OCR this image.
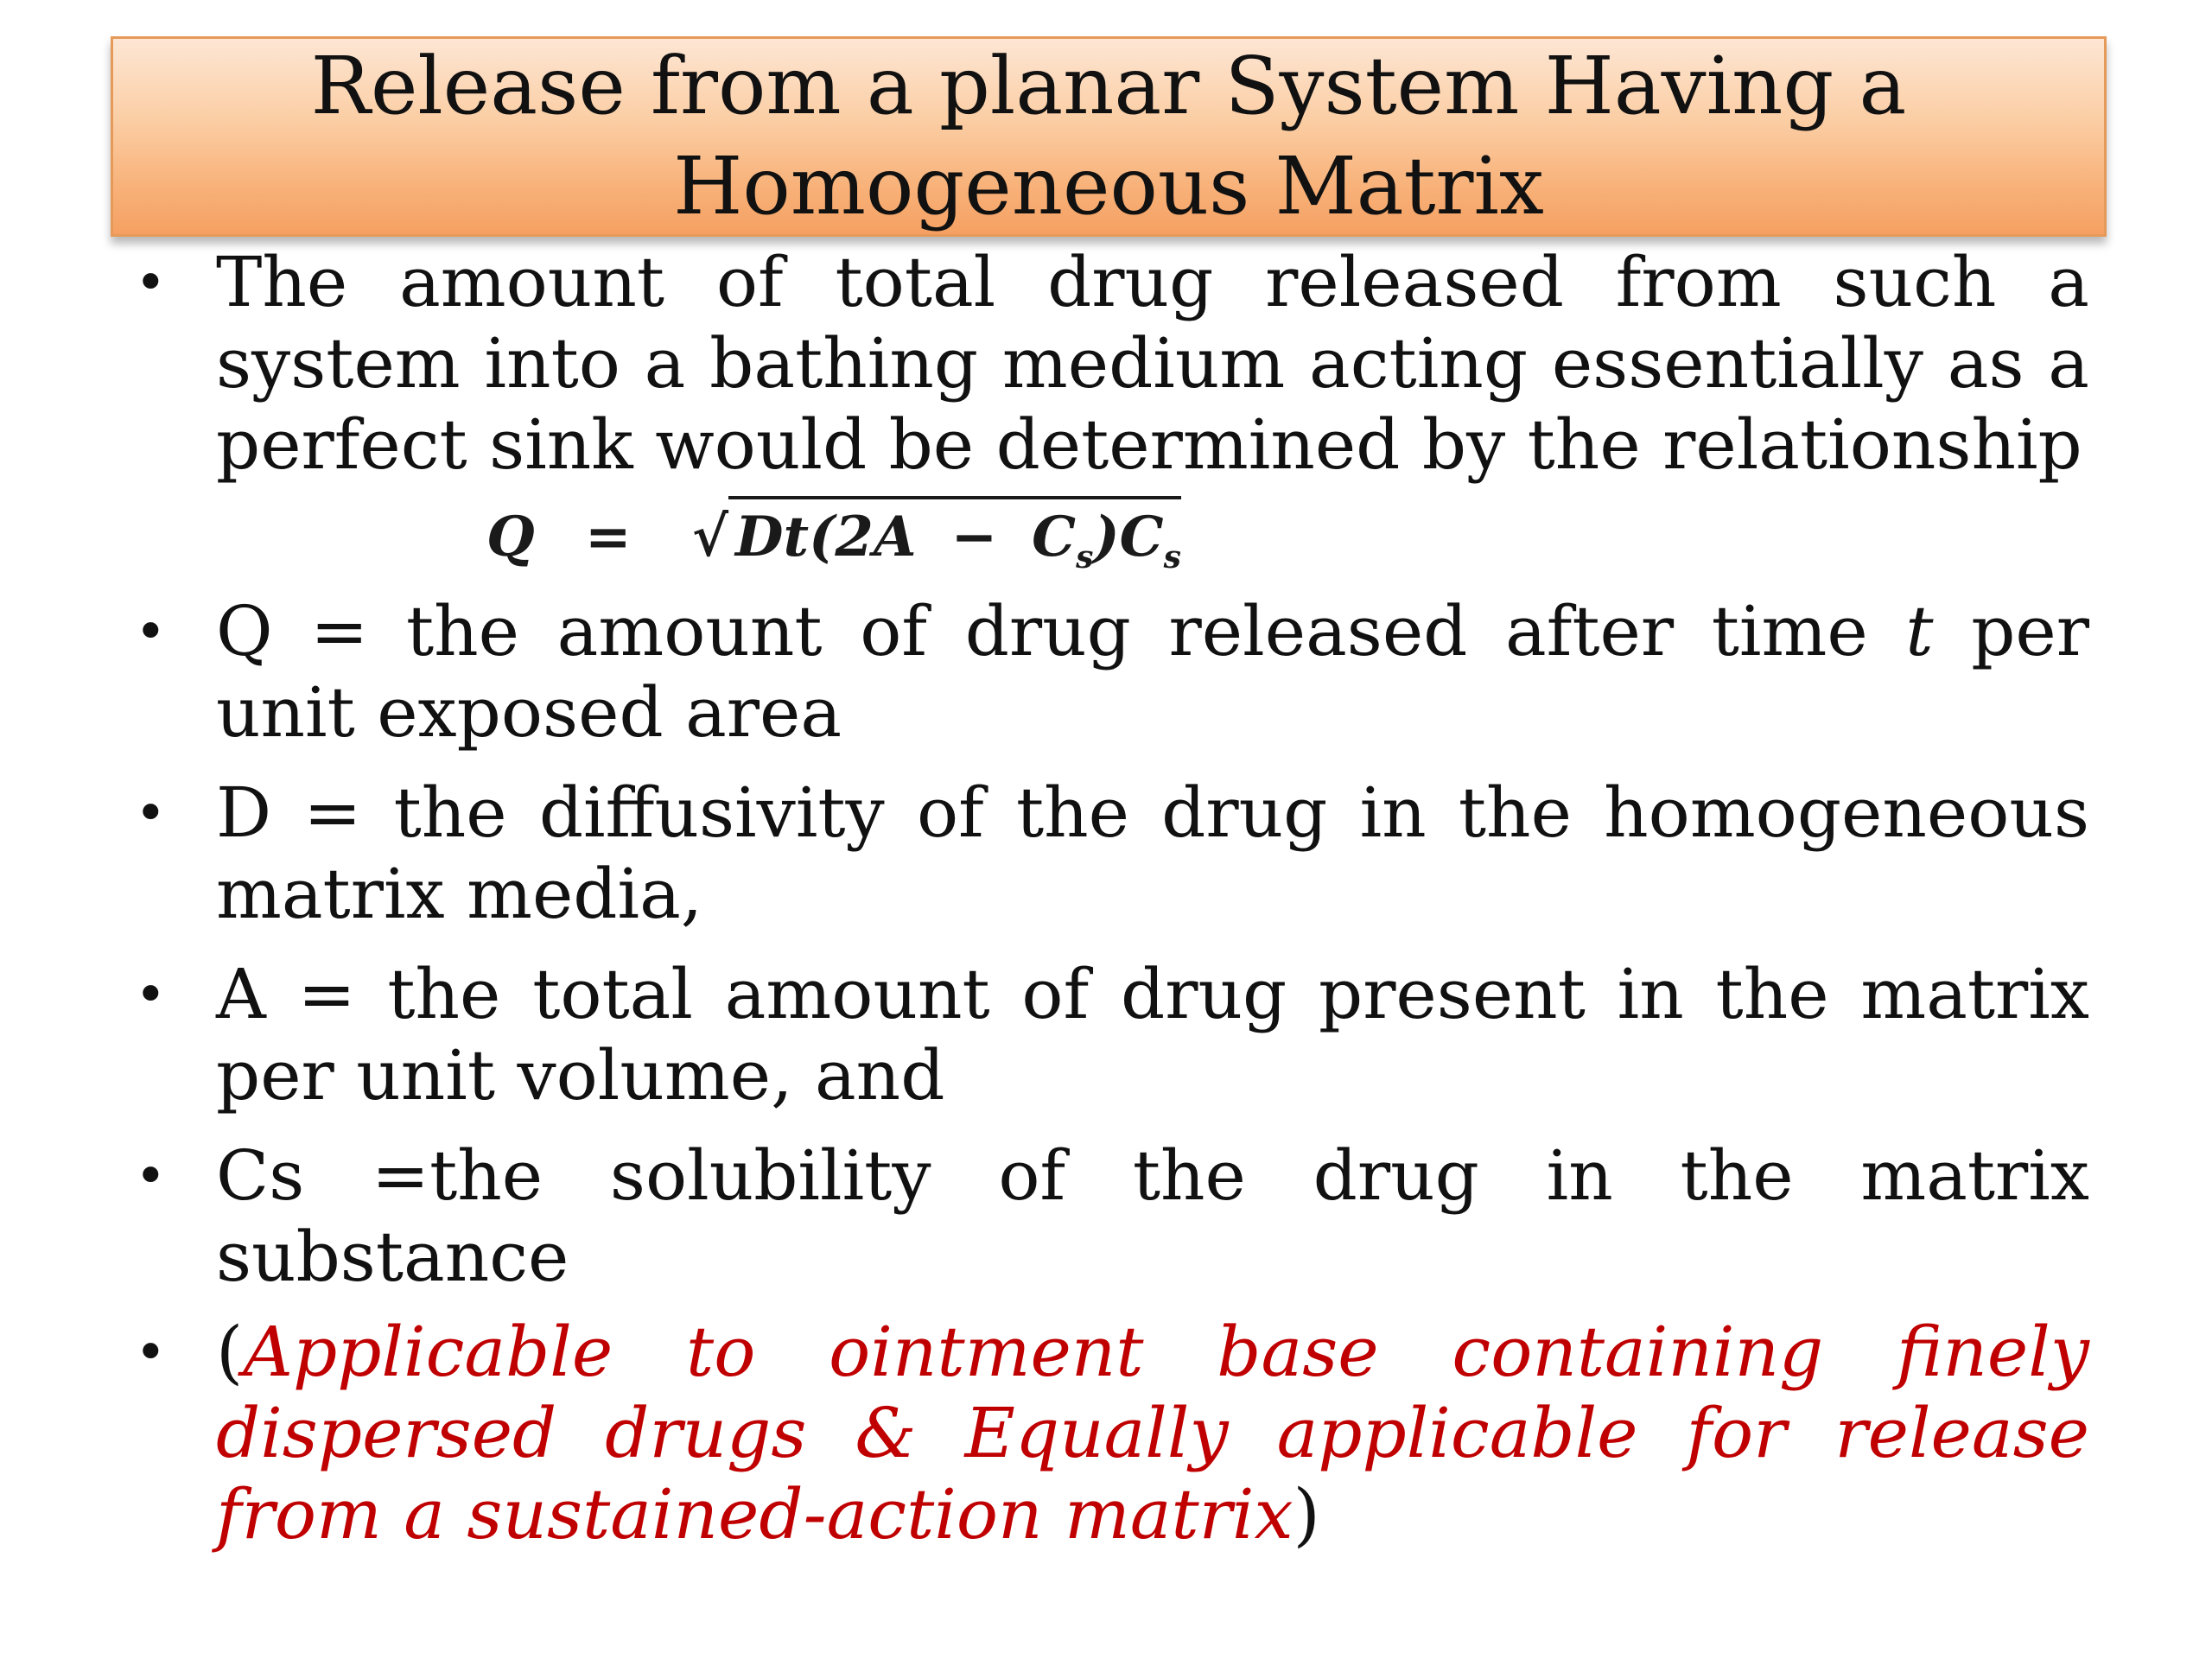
Release from a planar System Having a Homogeneous Matrix
• The amount of total drug released from such a system into a bathing medium acting essentially as a perfect sink would be determined by the relationship
Q = √ $Dt(2A - C_s)C_s$
• Q = the amount of drug released after time t per unit exposed area
• D = the diffusivity of the drug in the homogeneous matrix media,
• A = the total amount of drug present in the matrix per unit volume, and
• Cs =the solubility of the drug in the matrix substance
• (Applicable to ointment base containing finely dispersed drugs & Equally applicable for release from a sustained-action matrix)
